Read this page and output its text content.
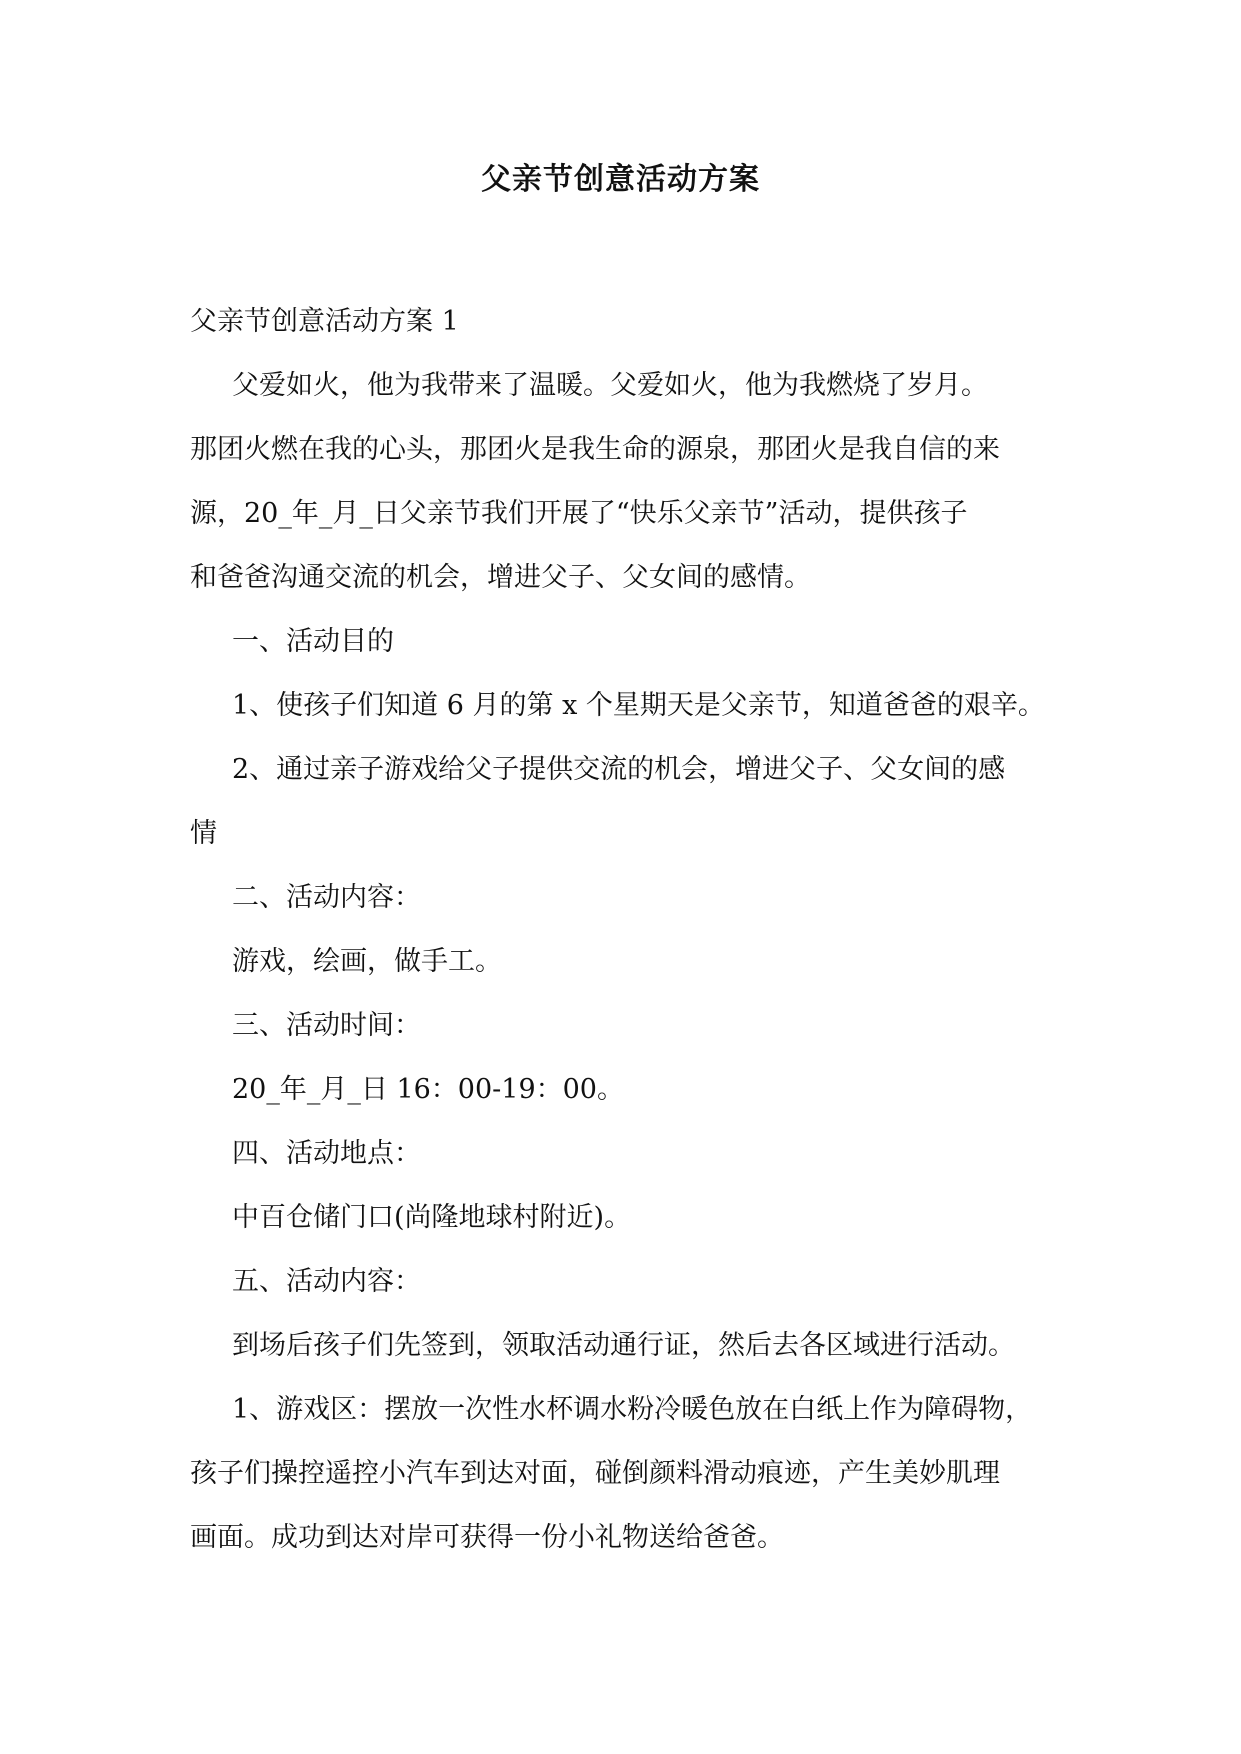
父亲节创意活动方案
父亲节创意活动方案 1
父爱如火，他为我带来了温暖。父爱如火，他为我燃烧了岁月。
那团火燃在我的心头，那团火是我生命的源泉，那团火是我自信的来
源，20_年_月_日父亲节我们开展了“快乐父亲节”活动，提供孩子
和爸爸沟通交流的机会，增进父子、父女间的感情。
一、活动目的
1、使孩子们知道 6 月的第 x 个星期天是父亲节，知道爸爸的艰辛。
2、通过亲子游戏给父子提供交流的机会，增进父子、父女间的感
情
二、活动内容：
游戏，绘画，做手工。
三、活动时间：
20_年_月_日 16：00-19：00。
四、活动地点：
中百仓储门口(尚隆地球村附近)。
五、活动内容：
到场后孩子们先签到，领取活动通行证，然后去各区域进行活动。
1、游戏区：摆放一次性水杯调水粉冷暖色放在白纸上作为障碍物，
孩子们操控遥控小汽车到达对面，碰倒颜料滑动痕迹，产生美妙肌理
画面。成功到达对岸可获得一份小礼物送给爸爸。
